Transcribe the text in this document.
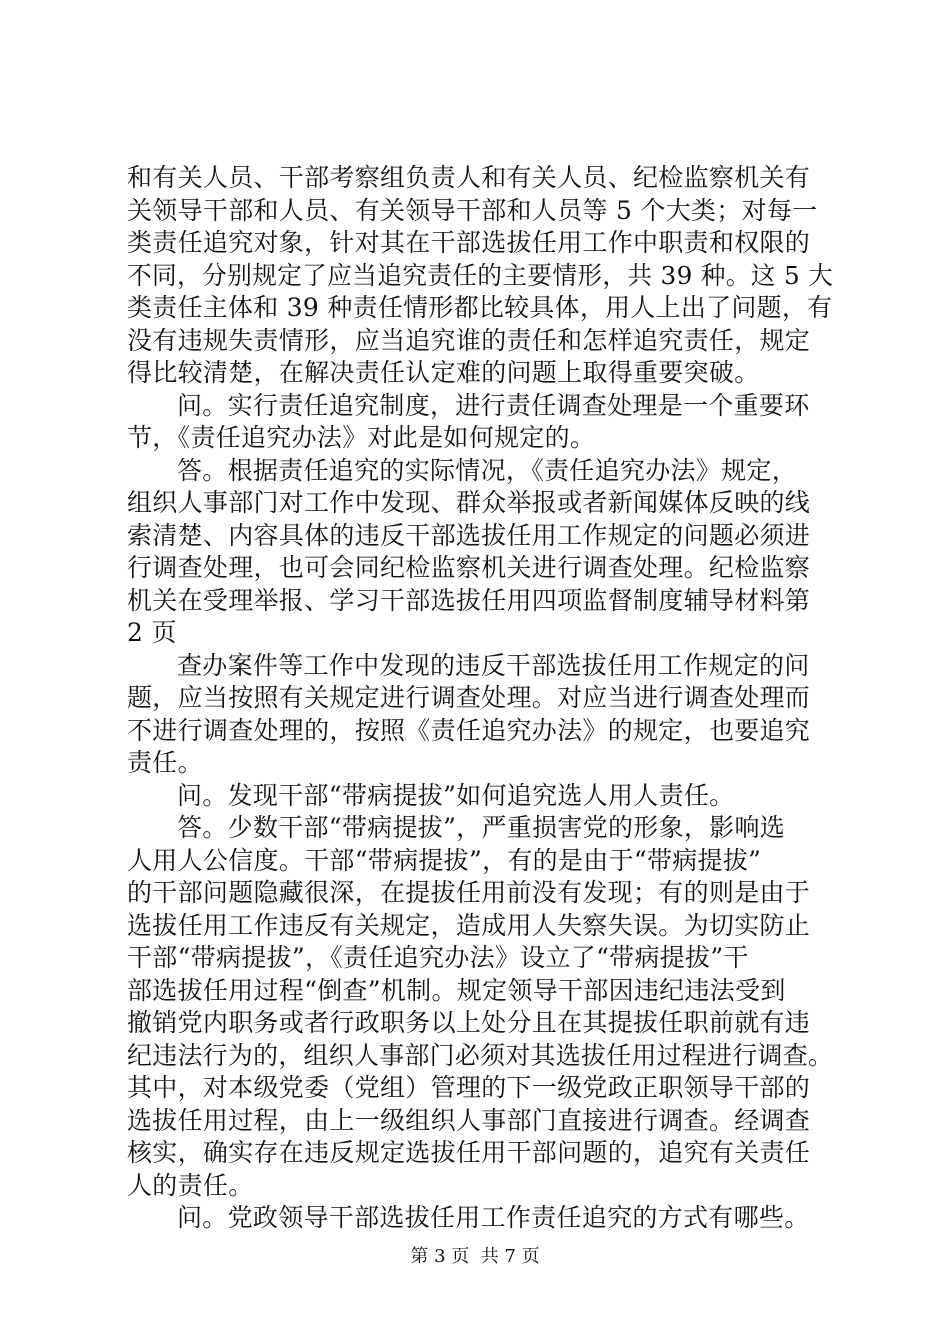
和有关人员、干部考察组负责人和有关人员、纪检监察机关有
关领导干部和人员、有关领导干部和人员等 5 个大类；对每一
类责任追究对象，针对其在干部选拔任用工作中职责和权限的
不同，分别规定了应当追究责任的主要情形，共 39 种。这 5 大
类责任主体和 39 种责任情形都比较具体，用人上出了问题，有
没有违规失责情形，应当追究谁的责任和怎样追究责任，规定
得比较清楚，在解决责任认定难的问题上取得重要突破。
问。实行责任追究制度，进行责任调查处理是一个重要环
节，《责任追究办法》对此是如何规定的。
答。根据责任追究的实际情况，《责任追究办法》规定，
组织人事部门对工作中发现、群众举报或者新闻媒体反映的线
索清楚、内容具体的违反干部选拔任用工作规定的问题必须进
行调查处理，也可会同纪检监察机关进行调查处理。纪检监察
机关在受理举报、学习干部选拔任用四项监督制度辅导材料第
2 页
查办案件等工作中发现的违反干部选拔任用工作规定的问
题，应当按照有关规定进行调查处理。对应当进行调查处理而
不进行调查处理的，按照《责任追究办法》的规定，也要追究
责任。
问。发现干部“带病提拔”如何追究选人用人责任。
答。少数干部“带病提拔”，严重损害党的形象，影响选
人用人公信度。干部“带病提拔”，有的是由于“带病提拔”
的干部问题隐藏很深，在提拔任用前没有发现；有的则是由于
选拔任用工作违反有关规定，造成用人失察失误。为切实防止
干部“带病提拔”，《责任追究办法》设立了“带病提拔”干
部选拔任用过程“倒查”机制。规定领导干部因违纪违法受到
撤销党内职务或者行政职务以上处分且在其提拔任职前就有违
纪违法行为的，组织人事部门必须对其选拔任用过程进行调查。
其中，对本级党委（党组）管理的下一级党政正职领导干部的
选拔任用过程，由上一级组织人事部门直接进行调查。经调查
核实，确实存在违反规定选拔任用干部问题的，追究有关责任
人的责任。
问。党政领导干部选拔任用工作责任追究的方式有哪些。
第 3 页  共 7 页
